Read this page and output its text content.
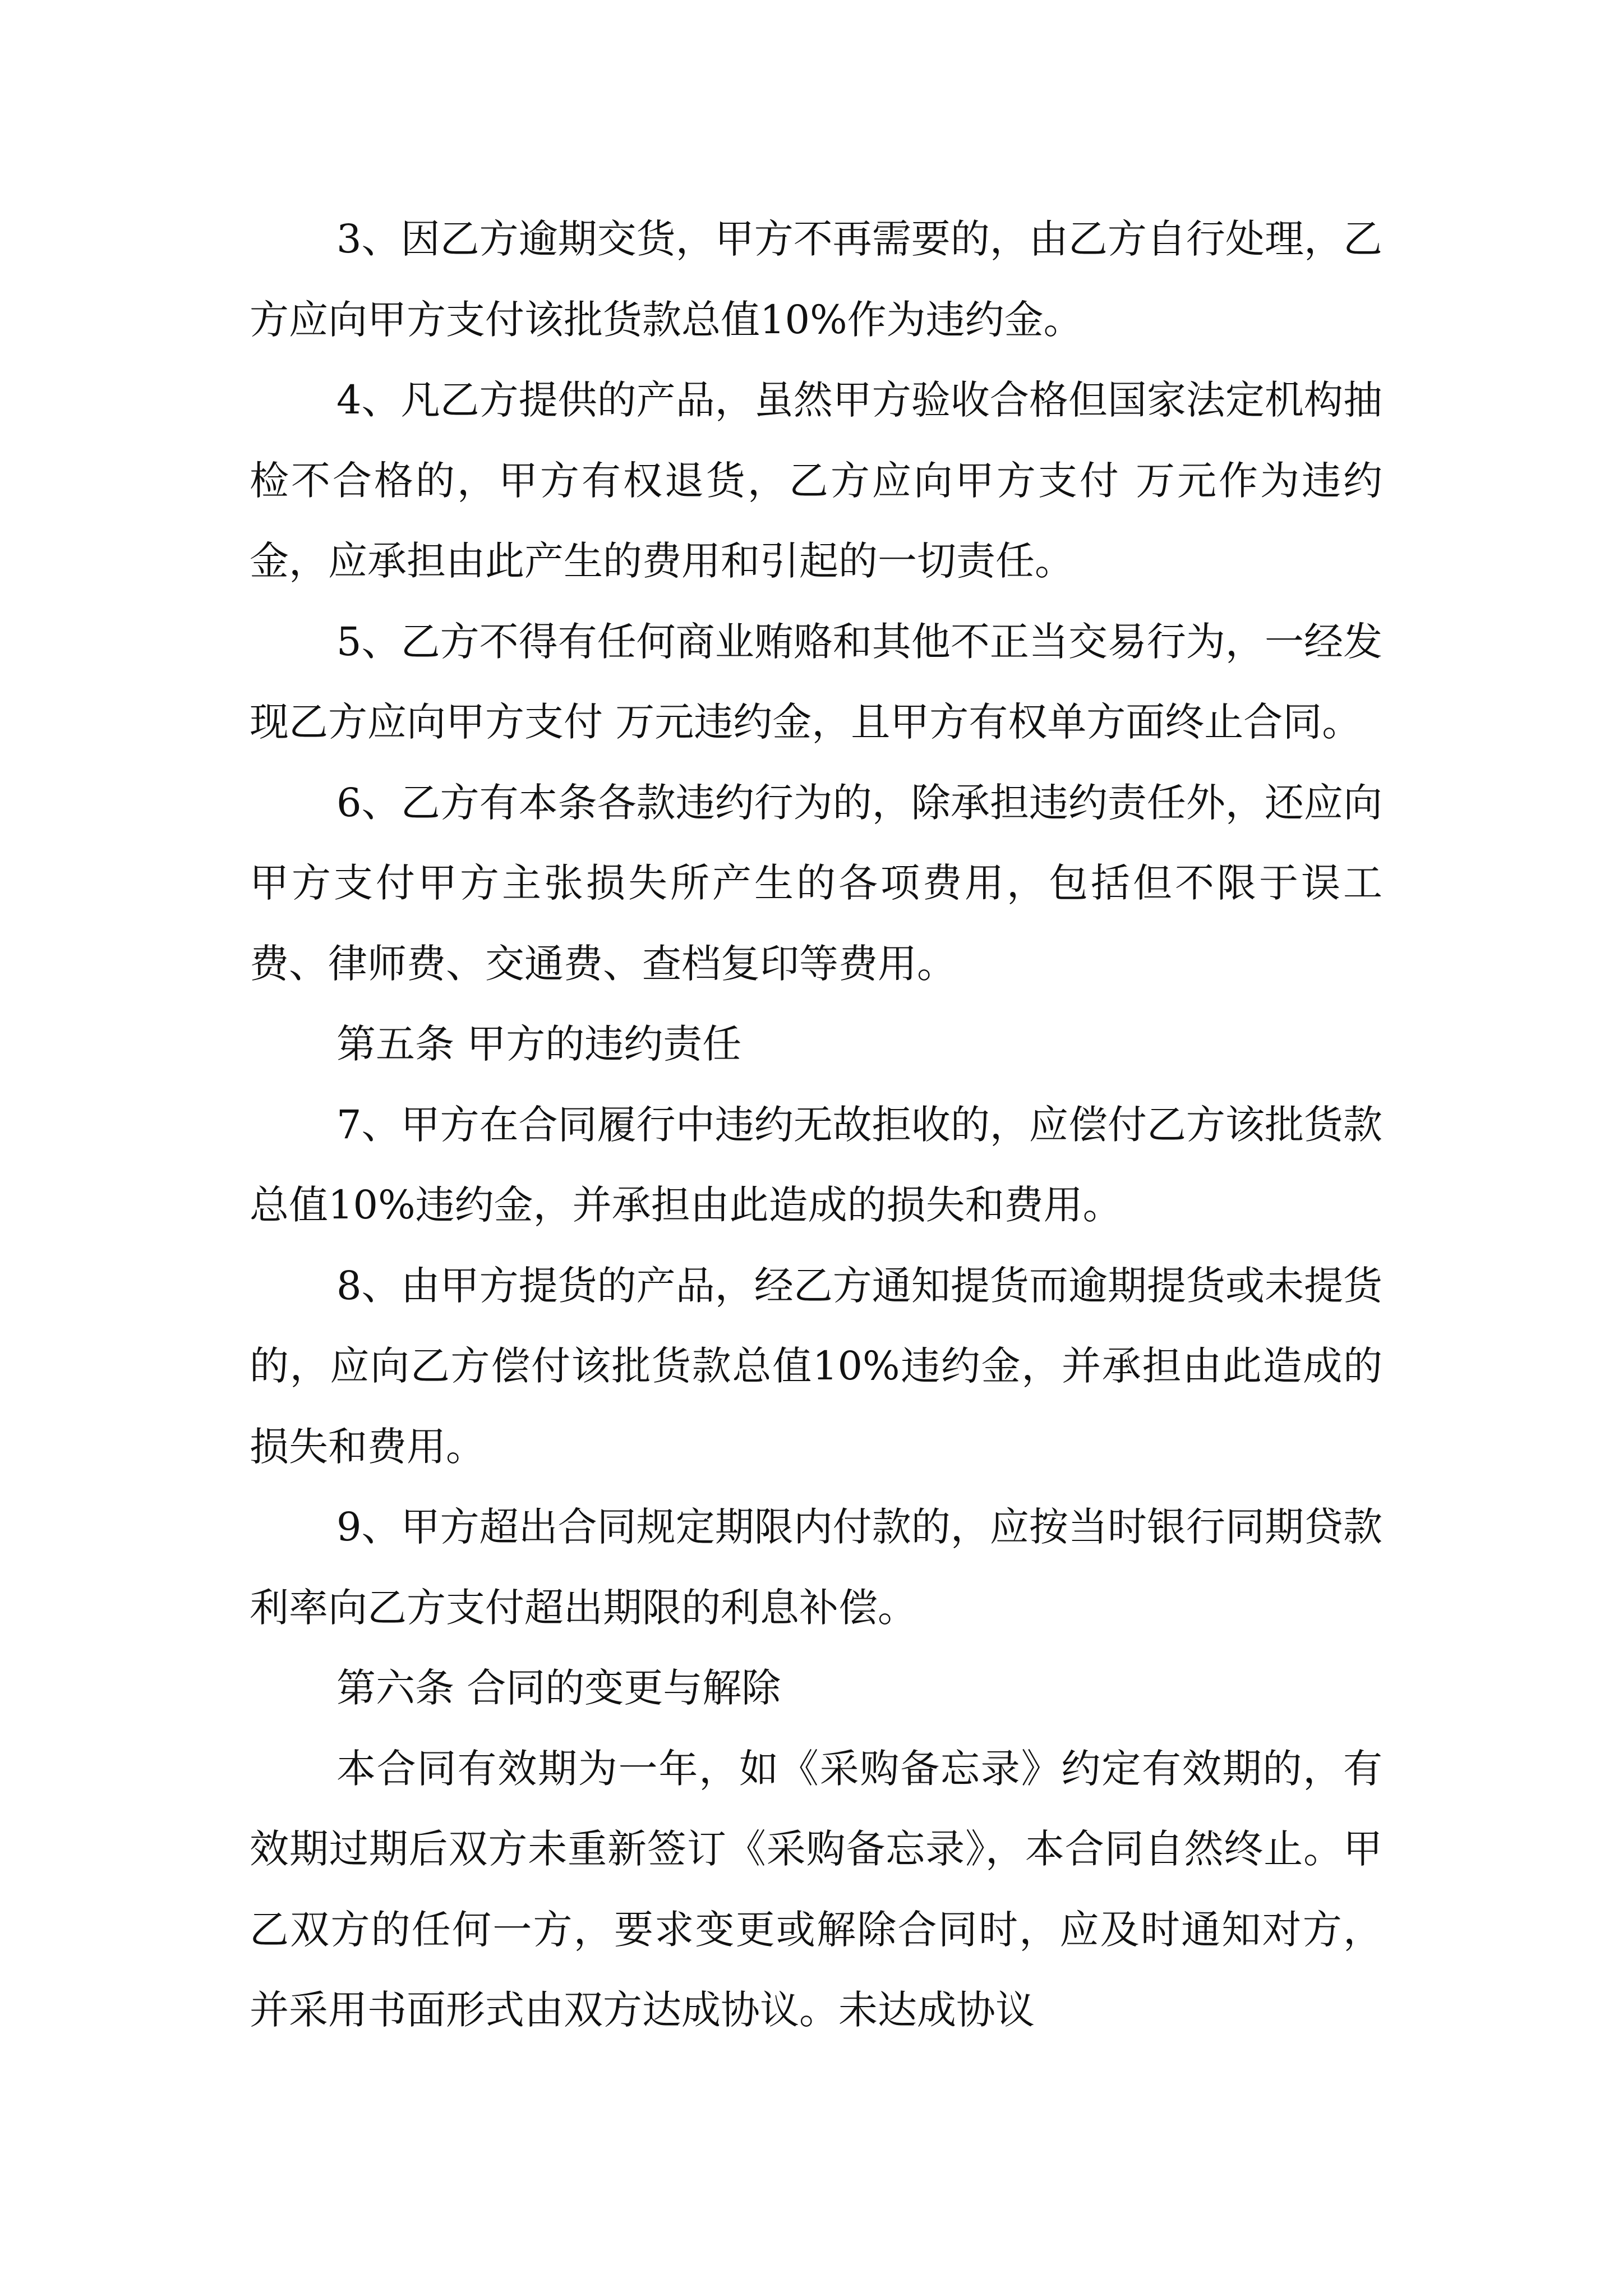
3、因乙方逾期交货，甲方不再需要的，由乙方自行处理，乙方应向甲方支付该批货款总值10%作为违约金。

4、凡乙方提供的产品，虽然甲方验收合格但国家法定机构抽检不合格的，甲方有权退货，乙方应向甲方支付 万元作为违约金，应承担由此产生的费用和引起的一切责任。

5、乙方不得有任何商业贿赂和其他不正当交易行为，一经发现乙方应向甲方支付 万元违约金，且甲方有权单方面终止合同。

6、乙方有本条各款违约行为的，除承担违约责任外，还应向甲方支付甲方主张损失所产生的各项费用，包括但不限于误工费、律师费、交通费、查档复印等费用。

第五条 甲方的违约责任

7、甲方在合同履行中违约无故拒收的，应偿付乙方该批货款总值10%违约金，并承担由此造成的损失和费用。

8、由甲方提货的产品，经乙方通知提货而逾期提货或未提货的，应向乙方偿付该批货款总值10%违约金，并承担由此造成的损失和费用。

9、甲方超出合同规定期限内付款的，应按当时银行同期贷款利率向乙方支付超出期限的利息补偿。

第六条 合同的变更与解除

本合同有效期为一年，如《采购备忘录》约定有效期的，有效期过期后双方未重新签订《采购备忘录》，本合同自然终止。甲乙双方的任何一方，要求变更或解除合同时，应及时通知对方，并采用书面形式由双方达成协议。未达成协议
